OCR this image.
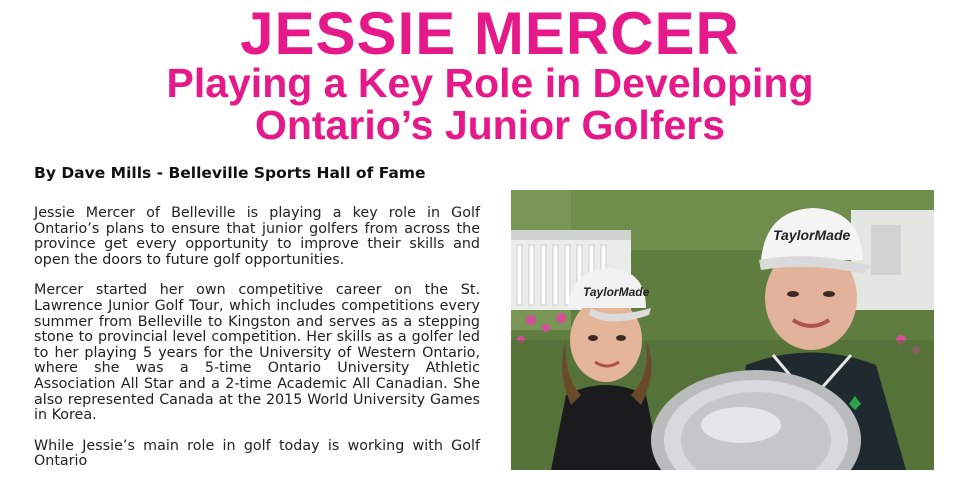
JESSIE MERCER
Playing a Key Role in Developing
Ontario’s Junior Golfers
By Dave Mills - Belleville Sports Hall of Fame

Jessie Mercer of Belleville is playing a key role in Golf Ontario’s plans to ensure that junior golfers from across the province get every opportunity to improve their skills and open the doors to future golf opportunities.

Mercer started her own competitive career on the St. Lawrence Junior Golf Tour, which includes competitions every summer from Belleville to Kingston and serves as a stepping stone to provincial level competition. Her skills as a golfer led to her playing 5 years for the University of Western Ontario, where she was a 5-time Ontario University Athletic Association All Star and a 2-time Academic All Canadian. She also represented Canada at the 2015 World University Games in Korea.

While Jessie’s main role in golf today is working with Golf Ontario

TaylorMade
TaylorMade
